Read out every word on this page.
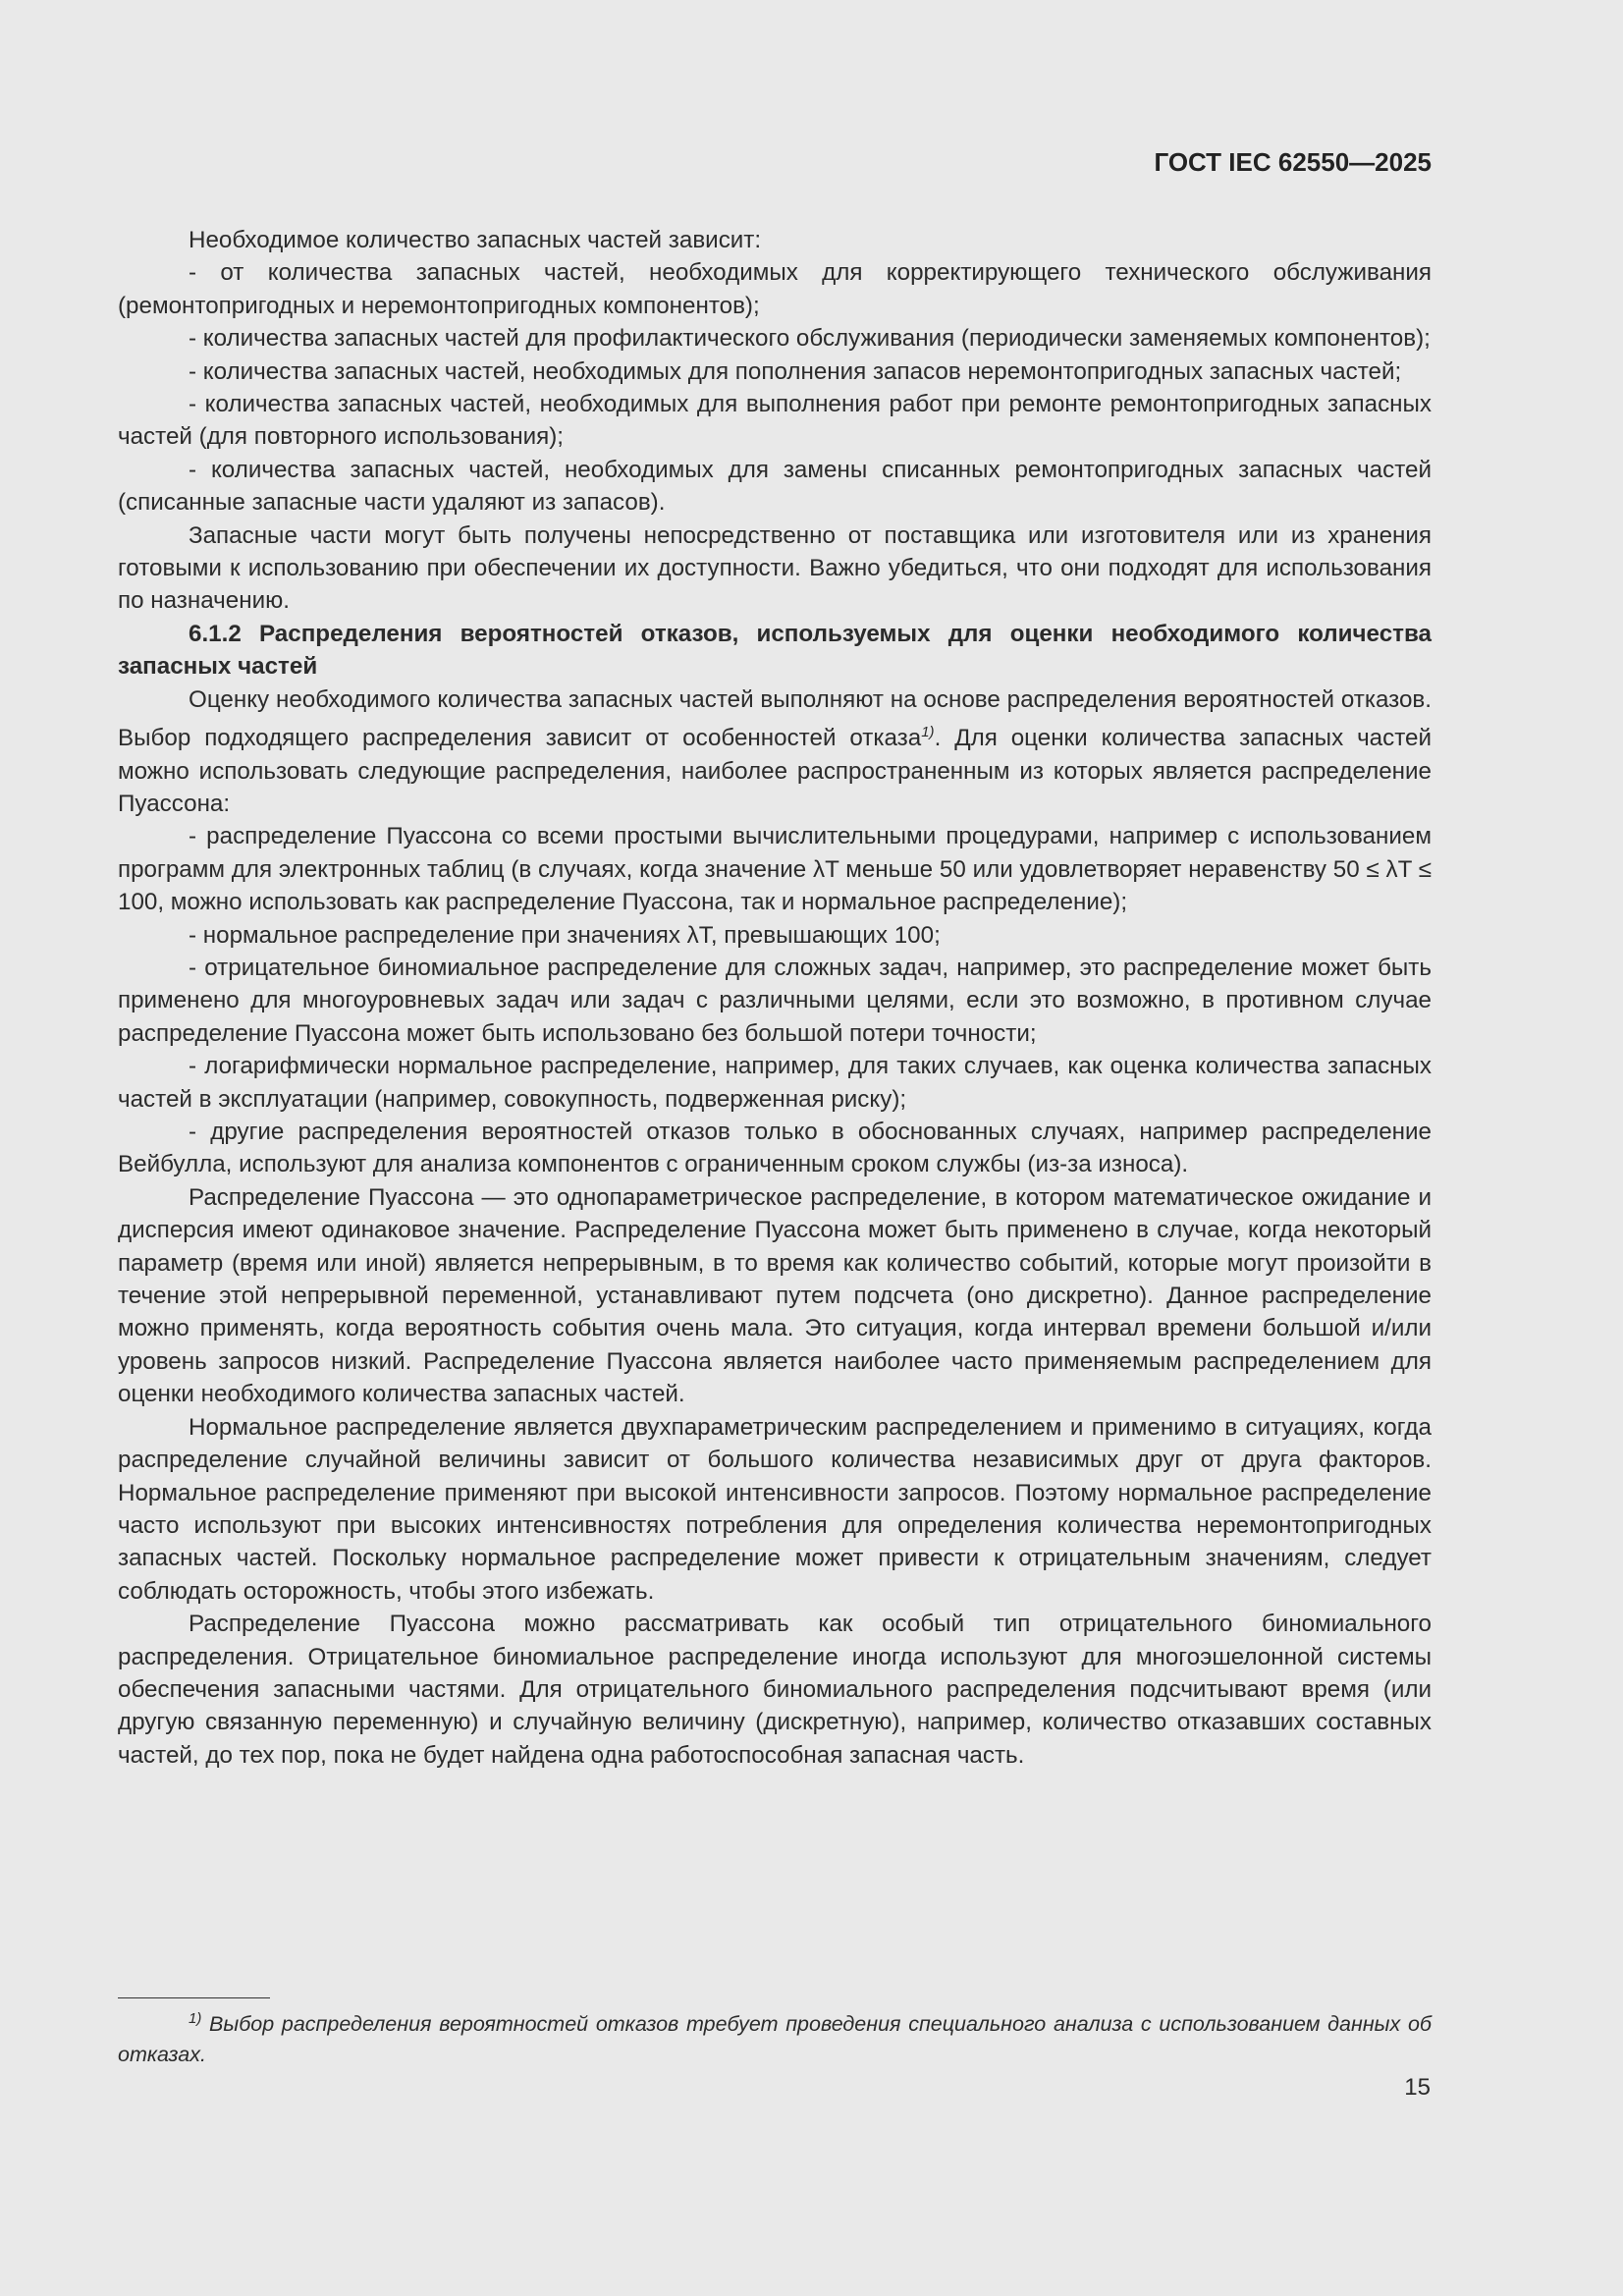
ГОСТ IEC 62550—2025

Необходимое количество запасных частей зависит:

- от количества запасных частей, необходимых для корректирующего технического обслуживания (ремонтопригодных и неремонтопригодных компонентов);

- количества запасных частей для профилактического обслуживания (периодически заменяемых компонентов);

- количества запасных частей, необходимых для пополнения запасов неремонтопригодных запасных частей;

- количества запасных частей, необходимых для выполнения работ при ремонте ремонтопригодных запасных частей (для повторного использования);

- количества запасных частей, необходимых для замены списанных ремонтопригодных запасных частей (списанные запасные части удаляют из запасов).

Запасные части могут быть получены непосредственно от поставщика или изготовителя или из хранения готовыми к использованию при обеспечении их доступности. Важно убедиться, что они подходят для использования по назначению.

6.1.2 Распределения вероятностей отказов, используемых для оценки необходимого количества запасных частей

Оценку необходимого количества запасных частей выполняют на основе распределения вероятностей отказов. Выбор подходящего распределения зависит от особенностей отказа$^{1)}$. Для оценки количества запасных частей можно использовать следующие распределения, наиболее распространенным из которых является распределение Пуассона:

- распределение Пуассона со всеми простыми вычислительными процедурами, например с использованием программ для электронных таблиц (в случаях, когда значение λT меньше 50 или удовлетворяет неравенству 50 ≤ λT ≤ 100, можно использовать как распределение Пуассона, так и нормальное распределение);

- нормальное распределение при значениях λT, превышающих 100;

- отрицательное биномиальное распределение для сложных задач, например, это распределение может быть применено для многоуровневых задач или задач с различными целями, если это возможно, в противном случае распределение Пуассона может быть использовано без большой потери точности;

- логарифмически нормальное распределение, например, для таких случаев, как оценка количества запасных частей в эксплуатации (например, совокупность, подверженная риску);

- другие распределения вероятностей отказов только в обоснованных случаях, например распределение Вейбулла, используют для анализа компонентов с ограниченным сроком службы (из-за износа).

Распределение Пуассона — это однопараметрическое распределение, в котором математическое ожидание и дисперсия имеют одинаковое значение. Распределение Пуассона может быть применено в случае, когда некоторый параметр (время или иной) является непрерывным, в то время как количество событий, которые могут произойти в течение этой непрерывной переменной, устанавливают путем подсчета (оно дискретно). Данное распределение можно применять, когда вероятность события очень мала. Это ситуация, когда интервал времени большой и/или уровень запросов низкий. Распределение Пуассона является наиболее часто применяемым распределением для оценки необходимого количества запасных частей.

Нормальное распределение является двухпараметрическим распределением и применимо в ситуациях, когда распределение случайной величины зависит от большого количества независимых друг от друга факторов. Нормальное распределение применяют при высокой интенсивности запросов. Поэтому нормальное распределение часто используют при высоких интенсивностях потребления для определения количества неремонтопригодных запасных частей. Поскольку нормальное распределение может привести к отрицательным значениям, следует соблюдать осторожность, чтобы этого избежать.

Распределение Пуассона можно рассматривать как особый тип отрицательного биномиального распределения. Отрицательное биномиальное распределение иногда используют для многоэшелонной системы обеспечения запасными частями. Для отрицательного биномиального распределения подсчитывают время (или другую связанную переменную) и случайную величину (дискретную), например, количество отказавших составных частей, до тех пор, пока не будет найдена одна работоспособная запасная часть.

$^{1)}$ Выбор распределения вероятностей отказов требует проведения специального анализа с использованием данных об отказах.
15
